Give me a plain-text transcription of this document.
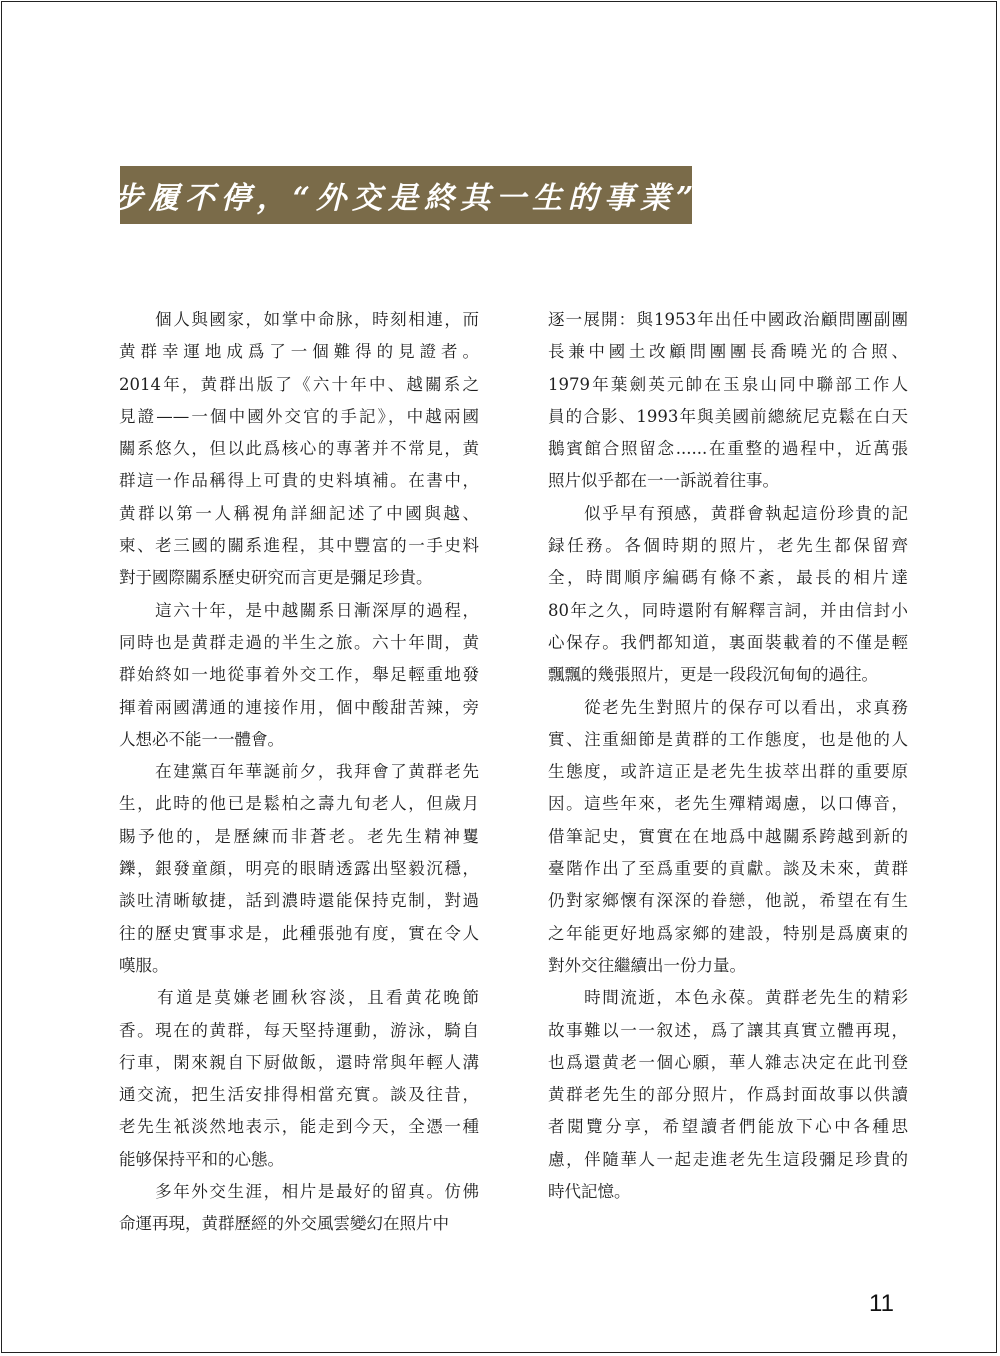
步履不停，“外交是終其一生的事業”
　　個人與國家，如掌中命脉，時刻相連，而
黄群幸運地成爲了一個難得的見證者。
2014年，黄群出版了《六十年中、越關系之
見證——一個中國外交官的手記》，中越兩國
關系悠久，但以此爲核心的專著并不常見，黄
群這一作品稱得上可貴的史料填補。在書中，
黄群以第一人稱視角詳細記述了中國與越、
柬、老三國的關系進程，其中豐富的一手史料
對于國際關系歷史研究而言更是彌足珍貴。
　　這六十年，是中越關系日漸深厚的過程，
同時也是黄群走過的半生之旅。六十年間，黄
群始終如一地從事着外交工作，舉足輕重地發
揮着兩國溝通的連接作用，個中酸甜苦辣，旁
人想必不能一一體會。
　　在建黨百年華誕前夕，我拜會了黄群老先
生，此時的他已是鬆柏之壽九旬老人，但歲月
賜予他的，是歷練而非蒼老。老先生精神矍
鑠，銀發童顔，明亮的眼睛透露出堅毅沉穩，
談吐清晰敏捷，話到濃時還能保持克制，對過
往的歷史實事求是，此種張弛有度，實在令人
嘆服。
　　有道是莫嫌老圃秋容淡，且看黄花晚節
香。現在的黄群，每天堅持運動，游泳，騎自
行車，閑來親自下厨做飯，還時常與年輕人溝
通交流，把生活安排得相當充實。談及往昔，
老先生衹淡然地表示，能走到今天，全憑一種
能够保持平和的心態。
　　多年外交生涯，相片是最好的留真。仿佛
命運再現，黄群歷經的外交風雲變幻在照片中
逐一展開：與1953年出任中國政治顧問團副團
長兼中國土改顧問團團長喬曉光的合照、
1979年葉劍英元帥在玉泉山同中聯部工作人
員的合影、1993年與美國前總統尼克鬆在白天
鵝賓館合照留念......在重整的過程中，近萬張
照片似乎都在一一訴説着往事。
　　似乎早有預感，黄群會執起這份珍貴的記
録任務。各個時期的照片，老先生都保留齊
全，時間順序編碼有條不紊，最長的相片達
80年之久，同時還附有解釋言詞，并由信封小
心保存。我們都知道，裏面裝載着的不僅是輕
飄飄的幾張照片，更是一段段沉甸甸的過往。
　　從老先生對照片的保存可以看出，求真務
實、注重細節是黄群的工作態度，也是他的人
生態度，或許這正是老先生拔萃出群的重要原
因。這些年來，老先生殫精竭慮，以口傳音，
借筆記史，實實在在地爲中越關系跨越到新的
臺階作出了至爲重要的貢獻。談及未來，黄群
仍對家鄉懷有深深的眷戀，他説，希望在有生
之年能更好地爲家鄉的建設，特别是爲廣東的
對外交往繼續出一份力量。
　　時間流逝，本色永葆。黄群老先生的精彩
故事難以一一叙述，爲了讓其真實立體再現，
也爲還黄老一個心願，華人雜志决定在此刊登
黄群老先生的部分照片，作爲封面故事以供讀
者閲覽分享，希望讀者們能放下心中各種思
慮，伴隨華人一起走進老先生這段彌足珍貴的
時代記憶。
11
